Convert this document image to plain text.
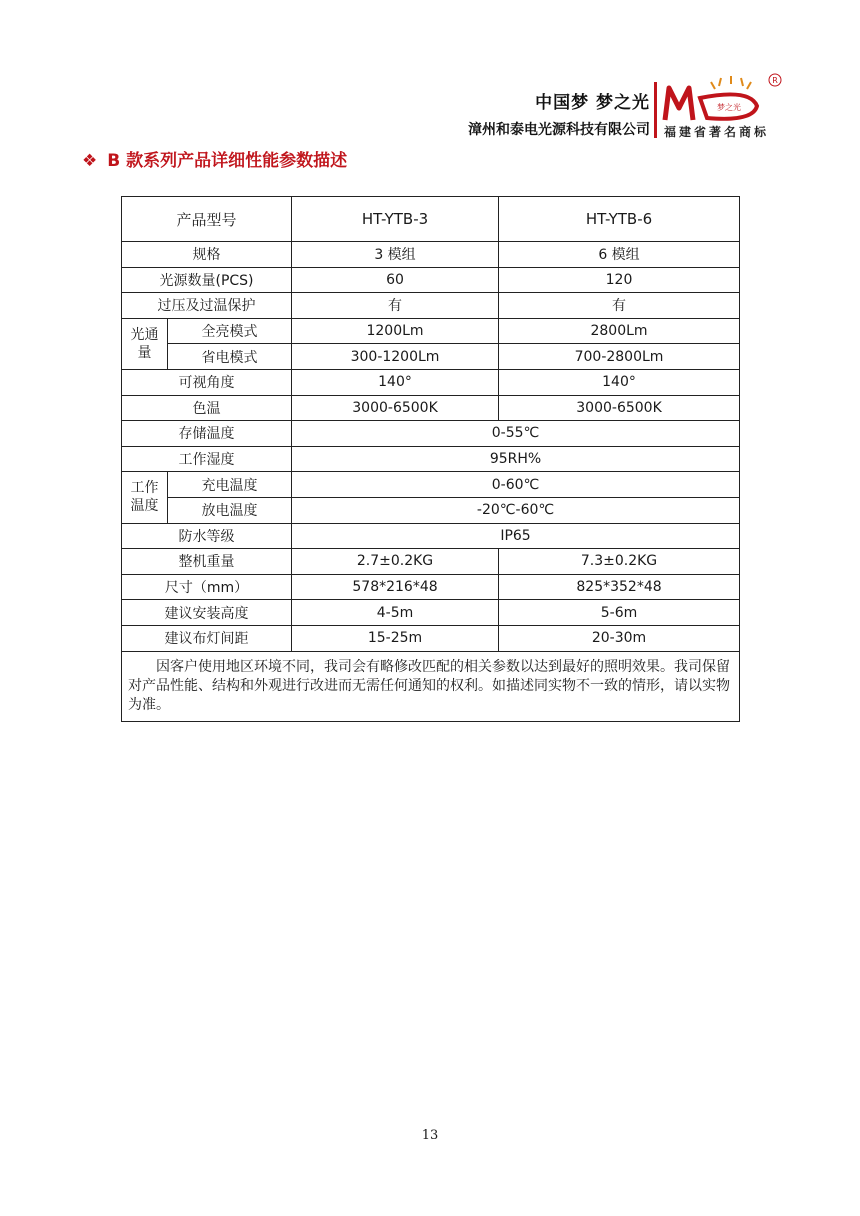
中国梦 梦之光
漳州和泰电光源科技有限公司
梦之光
R
福建省著名商标
❖ B 款系列产品详细性能参数描述
产品型号		HT-YTB-3	HT-YTB-6
规格		3 模组	6 模组
光源数量(PCS)		60	120
过压及过温保护		有	有
光通量	全亮模式	1200Lm	2800Lm
	省电模式	300-1200Lm	700-2800Lm
可视角度		140°	140°
色温		3000-6500K	3000-6500K
存储温度		0-55℃	
工作湿度		95RH%	
工作温度	充电温度	0-60℃	
	放电温度	-20℃-60℃	
防水等级		IP65	
整机重量		2.7±0.2KG	7.3±0.2KG
尺寸（mm）		578*216*48	825*352*48
建议安装高度		4-5m	5-6m
建议布灯间距		15-25m	20-30m
因客户使用地区环境不同，我司会有略修改匹配的相关参数以达到最好的照明效果。我司保留对产品性能、结构和外观进行改进而无需任何通知的权利。如描述同实物不一致的情形，请以实物为准。			
13
